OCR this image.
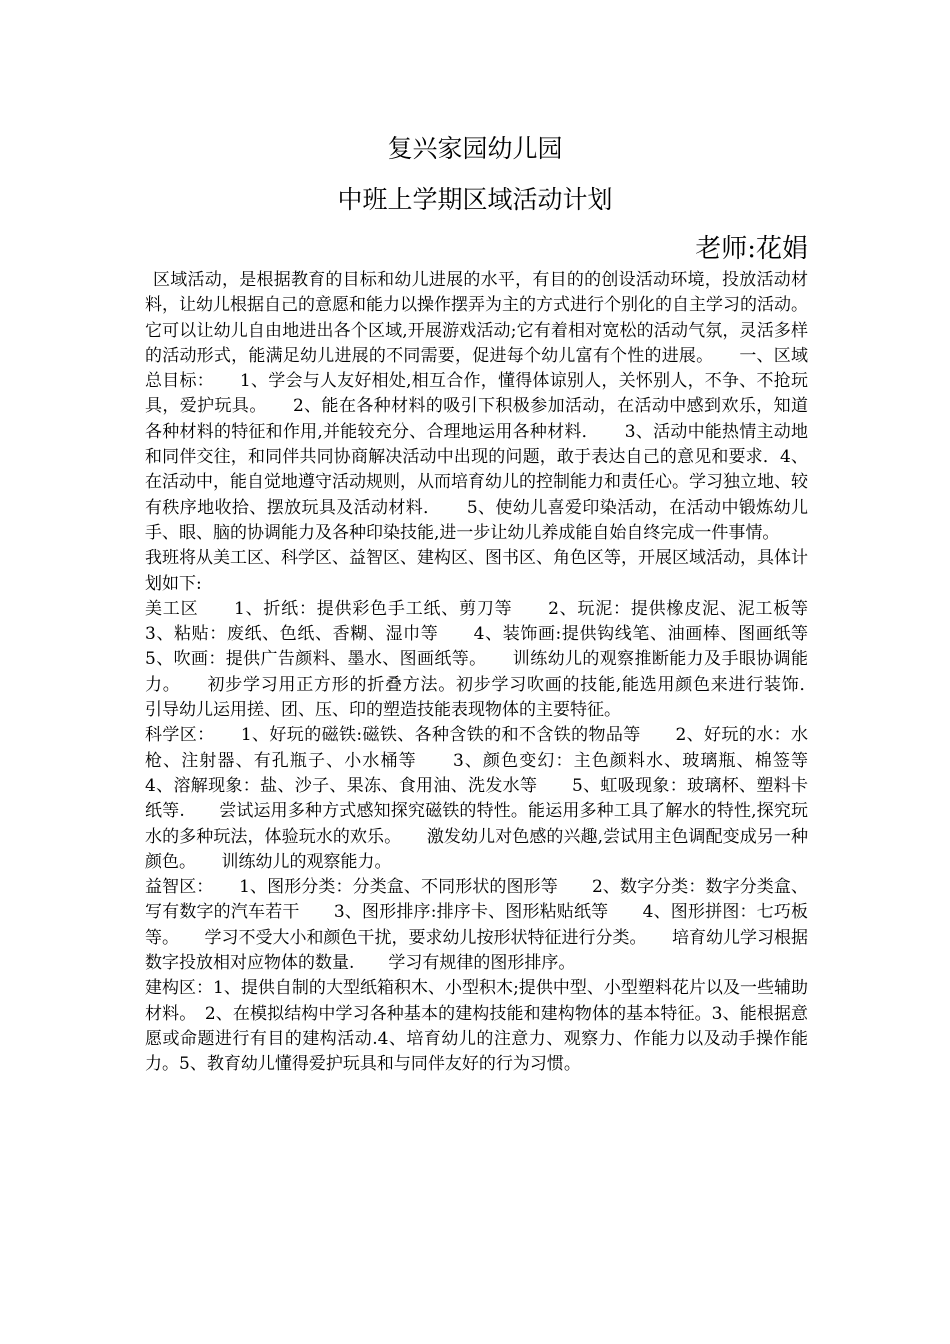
复兴家园幼儿园
中班上学期区域活动计划
老师:花娟

区域活动，是根据教育的目标和幼儿进展的水平，有目的的创设活动环境，投放活动材料，让幼儿根据自己的意愿和能力以操作摆弄为主的方式进行个别化的自主学习的活动。它可以让幼儿自由地进出各个区域,开展游戏活动;它有着相对宽松的活动气氛，灵活多样的活动形式，能满足幼儿进展的不同需要，促进每个幼儿富有个性的进展。　　一、区域总目标：　　1、学会与人友好相处,相互合作，懂得体谅别人，关怀别人，不争、不抢玩具，爱护玩具。　　2、能在各种材料的吸引下积极参加活动，在活动中感到欢乐，知道各种材料的特征和作用,并能较充分、合理地运用各种材料．　　3、活动中能热情主动地和同伴交往，和同伴共同协商解决活动中出现的问题，敢于表达自己的意见和要求．4、在活动中，能自觉地遵守活动规则，从而培育幼儿的控制能力和责任心。学习独立地、较有秩序地收拾、摆放玩具及活动材料．　　5、使幼儿喜爱印染活动，在活动中锻炼幼儿手、眼、脑的协调能力及各种印染技能,进一步让幼儿养成能自始自终完成一件事情。

我班将从美工区、科学区、益智区、建构区、图书区、角色区等，开展区域活动，具体计划如下:

美工区　　1、折纸：提供彩色手工纸、剪刀等　　2、玩泥：提供橡皮泥、泥工板等　　3、粘贴：废纸、色纸、香糊、湿巾等　　4、装饰画:提供钩线笔、油画棒、图画纸等　　5、吹画：提供广告颜料、墨水、图画纸等。　　训练幼儿的观察推断能力及手眼协调能力。　　初步学习用正方形的折叠方法。初步学习吹画的技能,能选用颜色来进行装饰．　　引导幼儿运用搓、团、压、印的塑造技能表现物体的主要特征。

科学区：　　1、好玩的磁铁:磁铁、各种含铁的和不含铁的物品等　　2、好玩的水：水枪、注射器、有孔瓶子、小水桶等　　3、颜色变幻：主色颜料水、玻璃瓶、棉签等　　4、溶解现象：盐、沙子、果冻、食用油、洗发水等　　5、虹吸现象：玻璃杯、塑料卡纸等.　　尝试运用多种方式感知探究磁铁的特性。能运用多种工具了解水的特性,探究玩水的多种玩法，体验玩水的欢乐。　　激发幼儿对色感的兴趣,尝试用主色调配变成另一种颜色。　　训练幼儿的观察能力。

益智区：　　1、图形分类：分类盒、不同形状的图形等　　2、数字分类：数字分类盒、写有数字的汽车若干　　3、图形排序:排序卡、图形粘贴纸等　　4、图形拼图：七巧板等。　　学习不受大小和颜色干扰，要求幼儿按形状特征进行分类。　　培育幼儿学习根据数字投放相对应物体的数量.　　学习有规律的图形排序。

建构区：1、提供自制的大型纸箱积木、小型积木;提供中型、小型塑料花片以及一些辅助材料。　2、在模拟结构中学习各种基本的建构技能和建构物体的基本特征。3、能根据意愿或命题进行有目的建构活动.4、培育幼儿的注意力、观察力、作能力以及动手操作能力。5、教育幼儿懂得爱护玩具和与同伴友好的行为习惯。
